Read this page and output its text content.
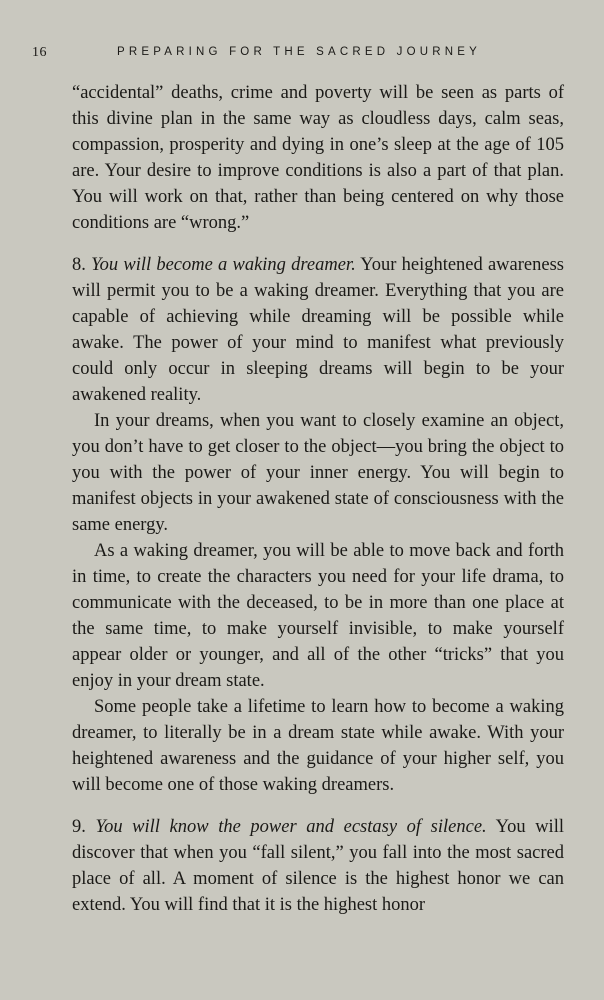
16	PREPARING FOR THE SACRED JOURNEY

“accidental” deaths, crime and poverty will be seen as parts of this divine plan in the same way as cloudless days, calm seas, compassion, prosperity and dying in one’s sleep at the age of 105 are. Your desire to improve conditions is also a part of that plan. You will work on that, rather than being centered on why those conditions are “wrong.”

8. You will become a waking dreamer. Your heightened awareness will permit you to be a waking dreamer. Everything that you are capable of achieving while dreaming will be possible while awake. The power of your mind to manifest what previously could only occur in sleeping dreams will begin to be your awakened reality.

In your dreams, when you want to closely examine an object, you don’t have to get closer to the object—you bring the object to you with the power of your inner energy. You will begin to manifest objects in your awakened state of consciousness with the same energy.

As a waking dreamer, you will be able to move back and forth in time, to create the characters you need for your life drama, to communicate with the deceased, to be in more than one place at the same time, to make yourself invisible, to make yourself appear older or younger, and all of the other “tricks” that you enjoy in your dream state.

Some people take a lifetime to learn how to become a waking dreamer, to literally be in a dream state while awake. With your heightened awareness and the guidance of your higher self, you will become one of those waking dreamers.

9. You will know the power and ecstasy of silence. You will discover that when you “fall silent,” you fall into the most sacred place of all. A moment of silence is the highest honor we can extend. You will find that it is the highest honor
